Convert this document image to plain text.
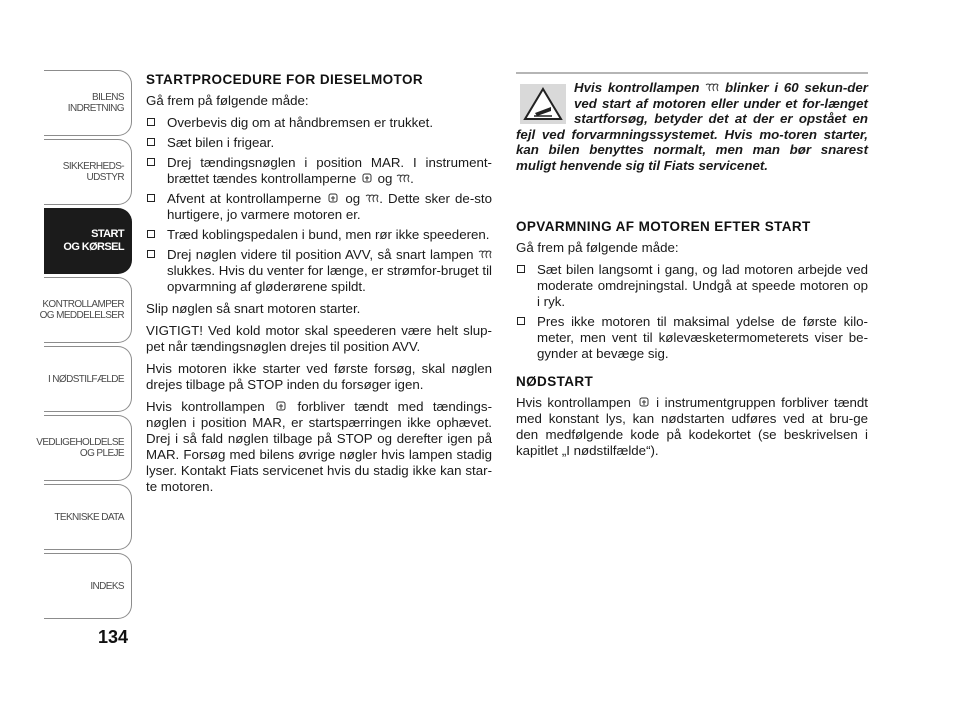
BILENS
INDRETNING
SIKKERHEDS-
UDSTYR
START
OG KØRSEL
KONTROLLAMPER
OG MEDDELELSER
I NØDSTILFÆLDE
VEDLIGEHOLDELSE
OG PLEJE
TEKNISKE DATA
INDEKS
134
STARTPROCEDURE FOR DIESELMOTOR

Gå frem på følgende måde:

Overbevis dig om at håndbremsen er trukket.
Sæt bilen i frigear.
Drej tændingsnøglen i position MAR. I instrument-brættet tændes kontrollamperne
og
.
Afvent at kontrollamperne
og
. Dette sker de-sto hurtigere, jo varmere motoren er.
Træd koblingspedalen i bund, men rør ikke speederen.
Drej nøglen videre til position AVV, så snart lampen
slukkes. Hvis du venter for længe, er strømfor-bruget til opvarmning af gløderørene spildt.

Slip nøglen så snart motoren starter.

VIGTIGT! Ved kold motor skal speederen være helt slup-pet når tændingsnøglen drejes til position AVV.

Hvis motoren ikke starter ved første forsøg, skal nøglen drejes tilbage på STOP inden du forsøger igen.

Hvis kontrollampen
forbliver tændt med tændings-nøglen i position MAR, er startspærringen ikke ophævet. Drej i så fald nøglen tilbage på STOP og derefter igen på MAR. Forsøg med bilens øvrige nøgler hvis lampen stadig lyser. Kontakt Fiats servicenet hvis du stadig ikke kan star-te motoren.

Hvis kontrollampen
blinker i 60 sekun-der ved start af motoren eller under et for-længet startforsøg, betyder det at der er opstået en fejl ved forvarmningssystemet. Hvis mo-toren starter, kan bilen benyttes normalt, men man bør snarest muligt henvende sig til Fiats servicenet.
OPVARMNING AF MOTOREN EFTER START

Gå frem på følgende måde:

Sæt bilen langsomt i gang, og lad motoren arbejde ved moderate omdrejningstal. Undgå at speede motoren op i ryk.
Pres ikke motoren til maksimal ydelse de første kilo-meter, men vent til kølevæsketermometerets viser be-gynder at bevæge sig.
NØDSTART

Hvis kontrollampen
i instrumentgruppen forbliver tændt med konstant lys, kan nødstarten udføres ved at bru-ge den medfølgende kode på kodekortet (se beskrivelsen i kapitlet „I nødstilfælde“).
